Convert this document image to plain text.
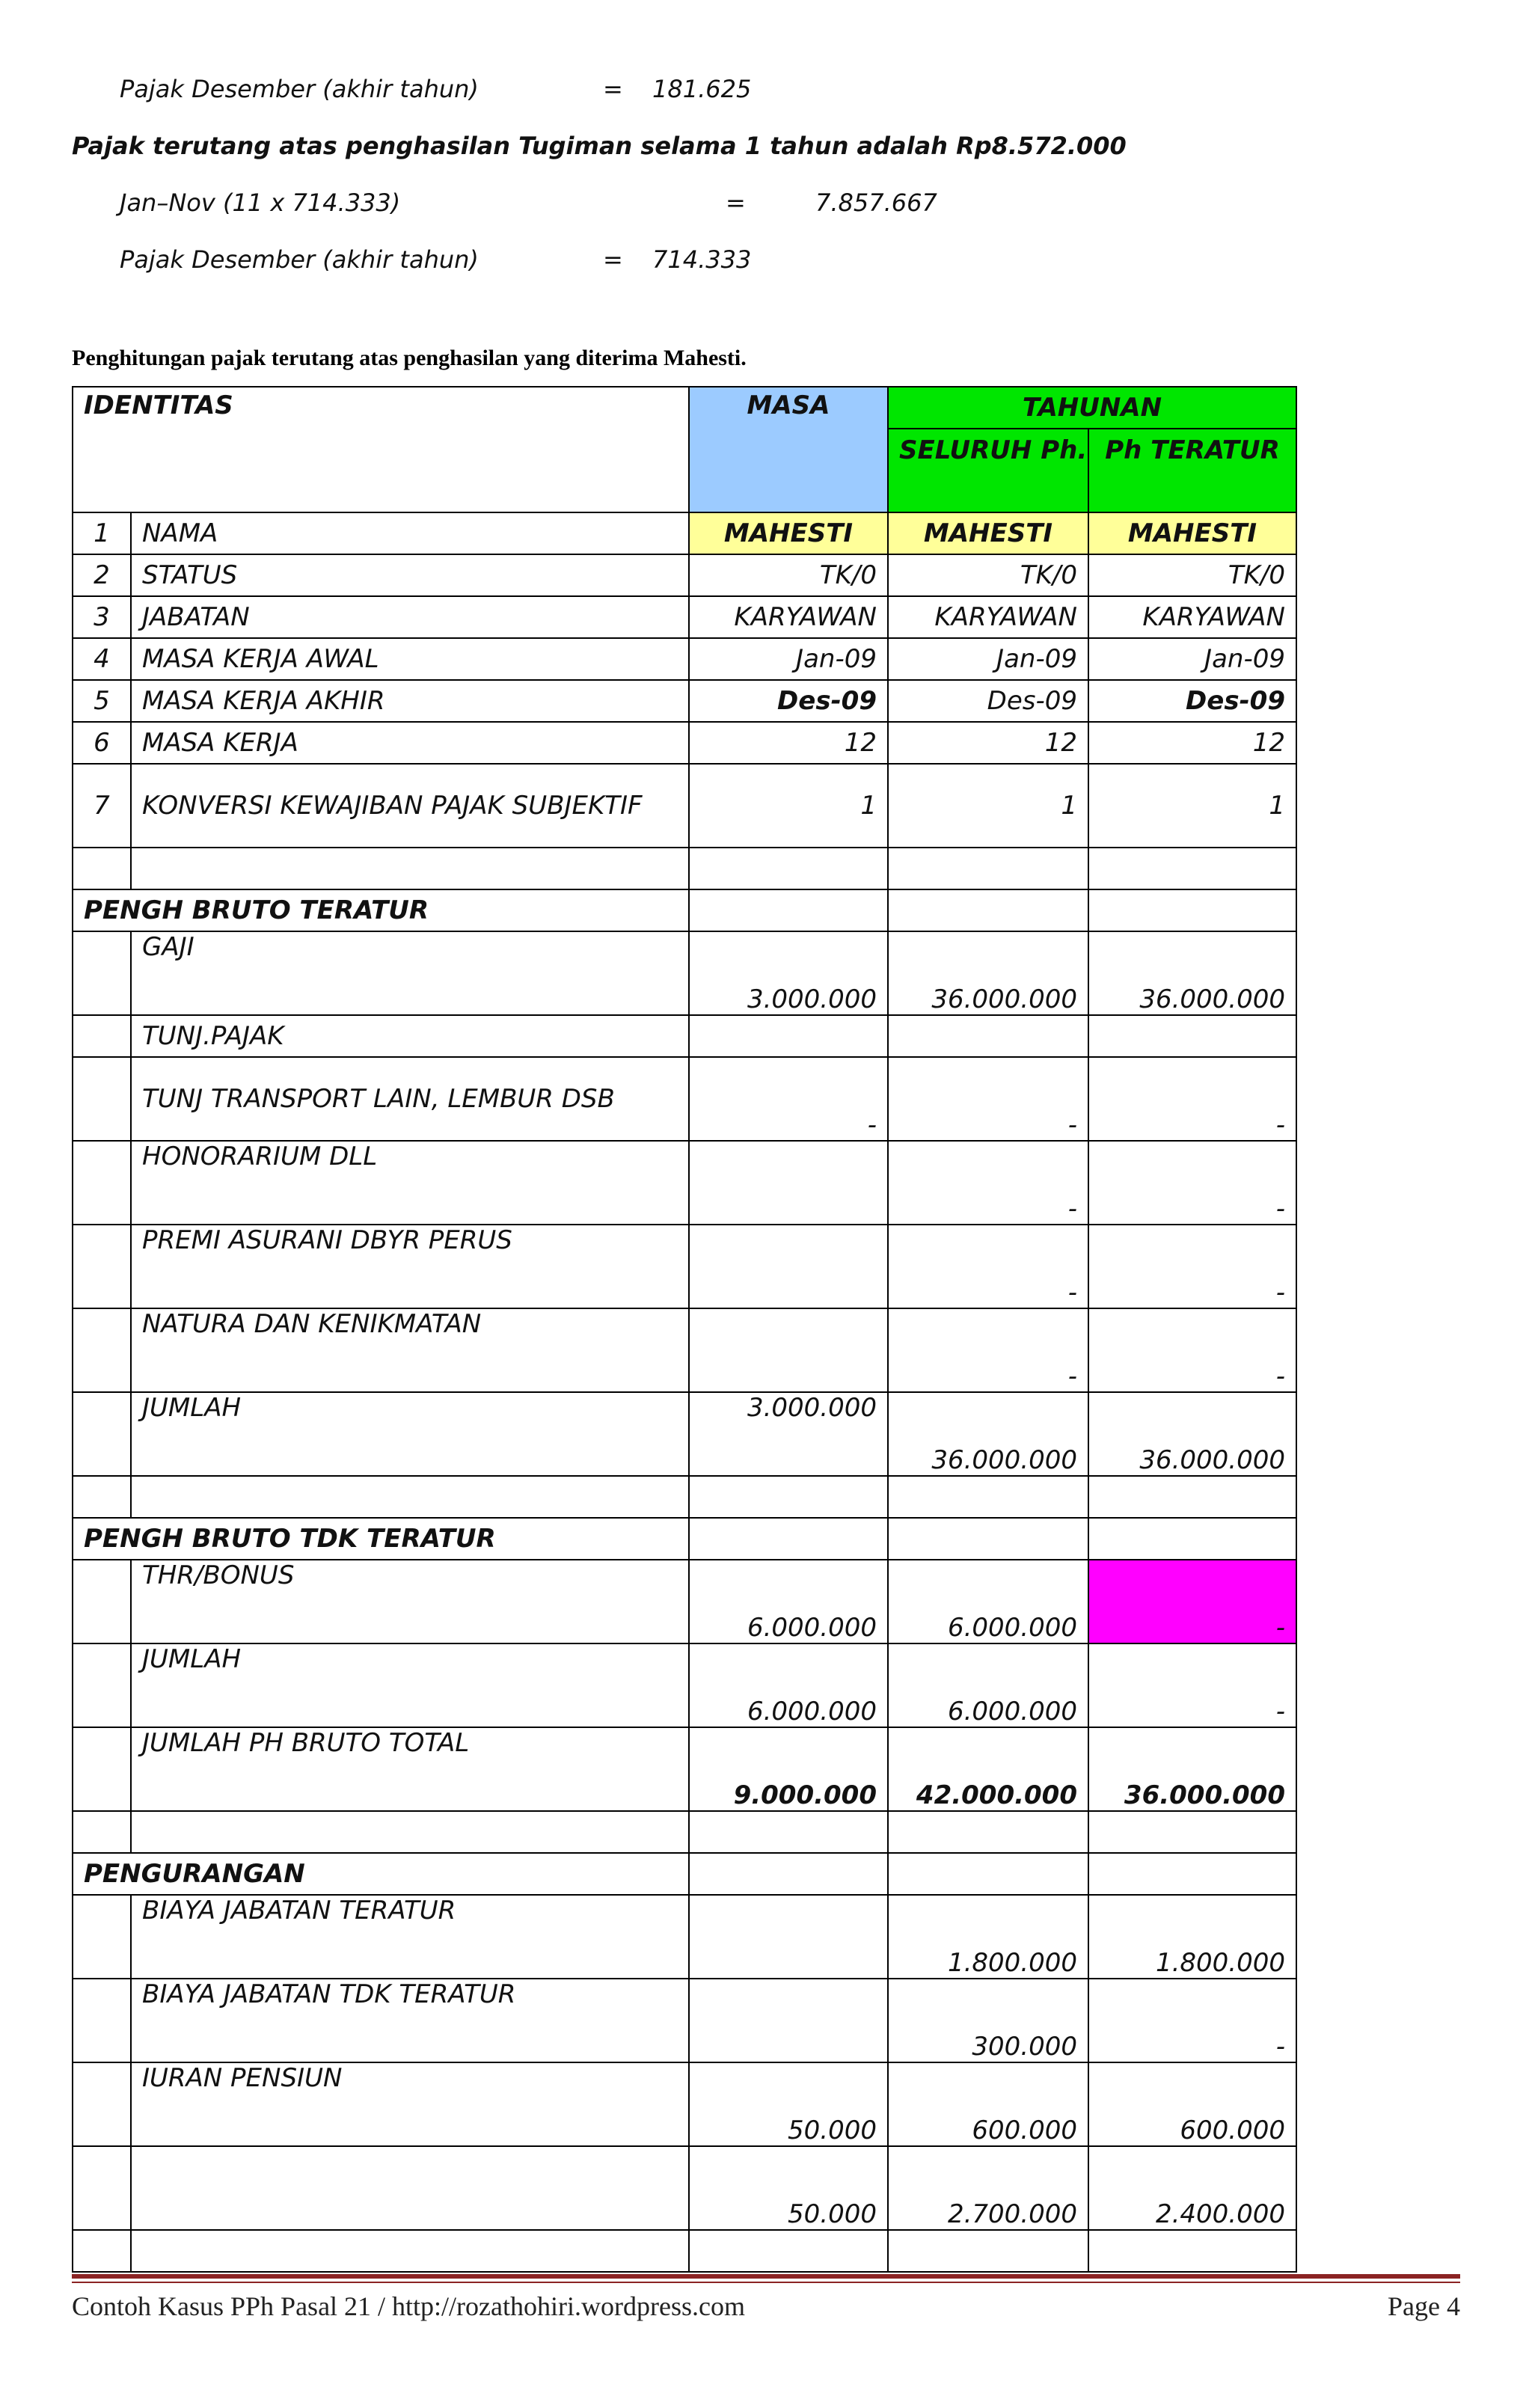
Pajak Desember (akhir tahun)	= 181.625
Pajak terutang atas penghasilan Tugiman selama 1 tahun adalah Rp8.572.000
Jan–Nov (11 x 714.333)	=	7.857.667
Pajak Desember (akhir tahun)	= 714.333
Penghitungan pajak terutang atas penghasilan yang diterima Mahesti.
IDENTITAS		MASA	TAHUNAN	
			SELURUH Ph.	Ph TERATUR

1	NAMA	MAHESTI	MAHESTI	MAHESTI
2	STATUS	TK/0	TK/0	TK/0
3	JABATAN	KARYAWAN	KARYAWAN	KARYAWAN
4	MASA KERJA AWAL	Jan-09	Jan-09	Jan-09
5	MASA KERJA AKHIR	Des-09	Des-09	Des-09
6	MASA KERJA	12	12	12
7	KONVERSI KEWAJIBAN PAJAK SUBJEKTIF	1	1	1

PENGH BRUTO TERATUR				
	GAJI	3.000.000	36.000.000	36.000.000
	TUNJ.PAJAK			
	TUNJ TRANSPORT LAIN, LEMBUR DSB	-	-	-
	HONORARIUM DLL		-	-
	PREMI ASURANI DBYR PERUS		-	-
	NATURA DAN KENIKMATAN		-	-
	JUMLAH	3.000.000	36.000.000	36.000.000

PENGH BRUTO TDK TERATUR				
	THR/BONUS	6.000.000	6.000.000	-
	JUMLAH	6.000.000	6.000.000	-
	JUMLAH PH BRUTO TOTAL	9.000.000	42.000.000	36.000.000

PENGURANGAN				
	BIAYA JABATAN TERATUR		1.800.000	1.800.000
	BIAYA JABATAN TDK TERATUR		300.000	-
	IURAN PENSIUN	50.000	600.000	600.000
		50.000	2.700.000	2.400.000

Contoh Kasus PPh Pasal 21 / http://rozathohiri.wordpress.com	Page 4
